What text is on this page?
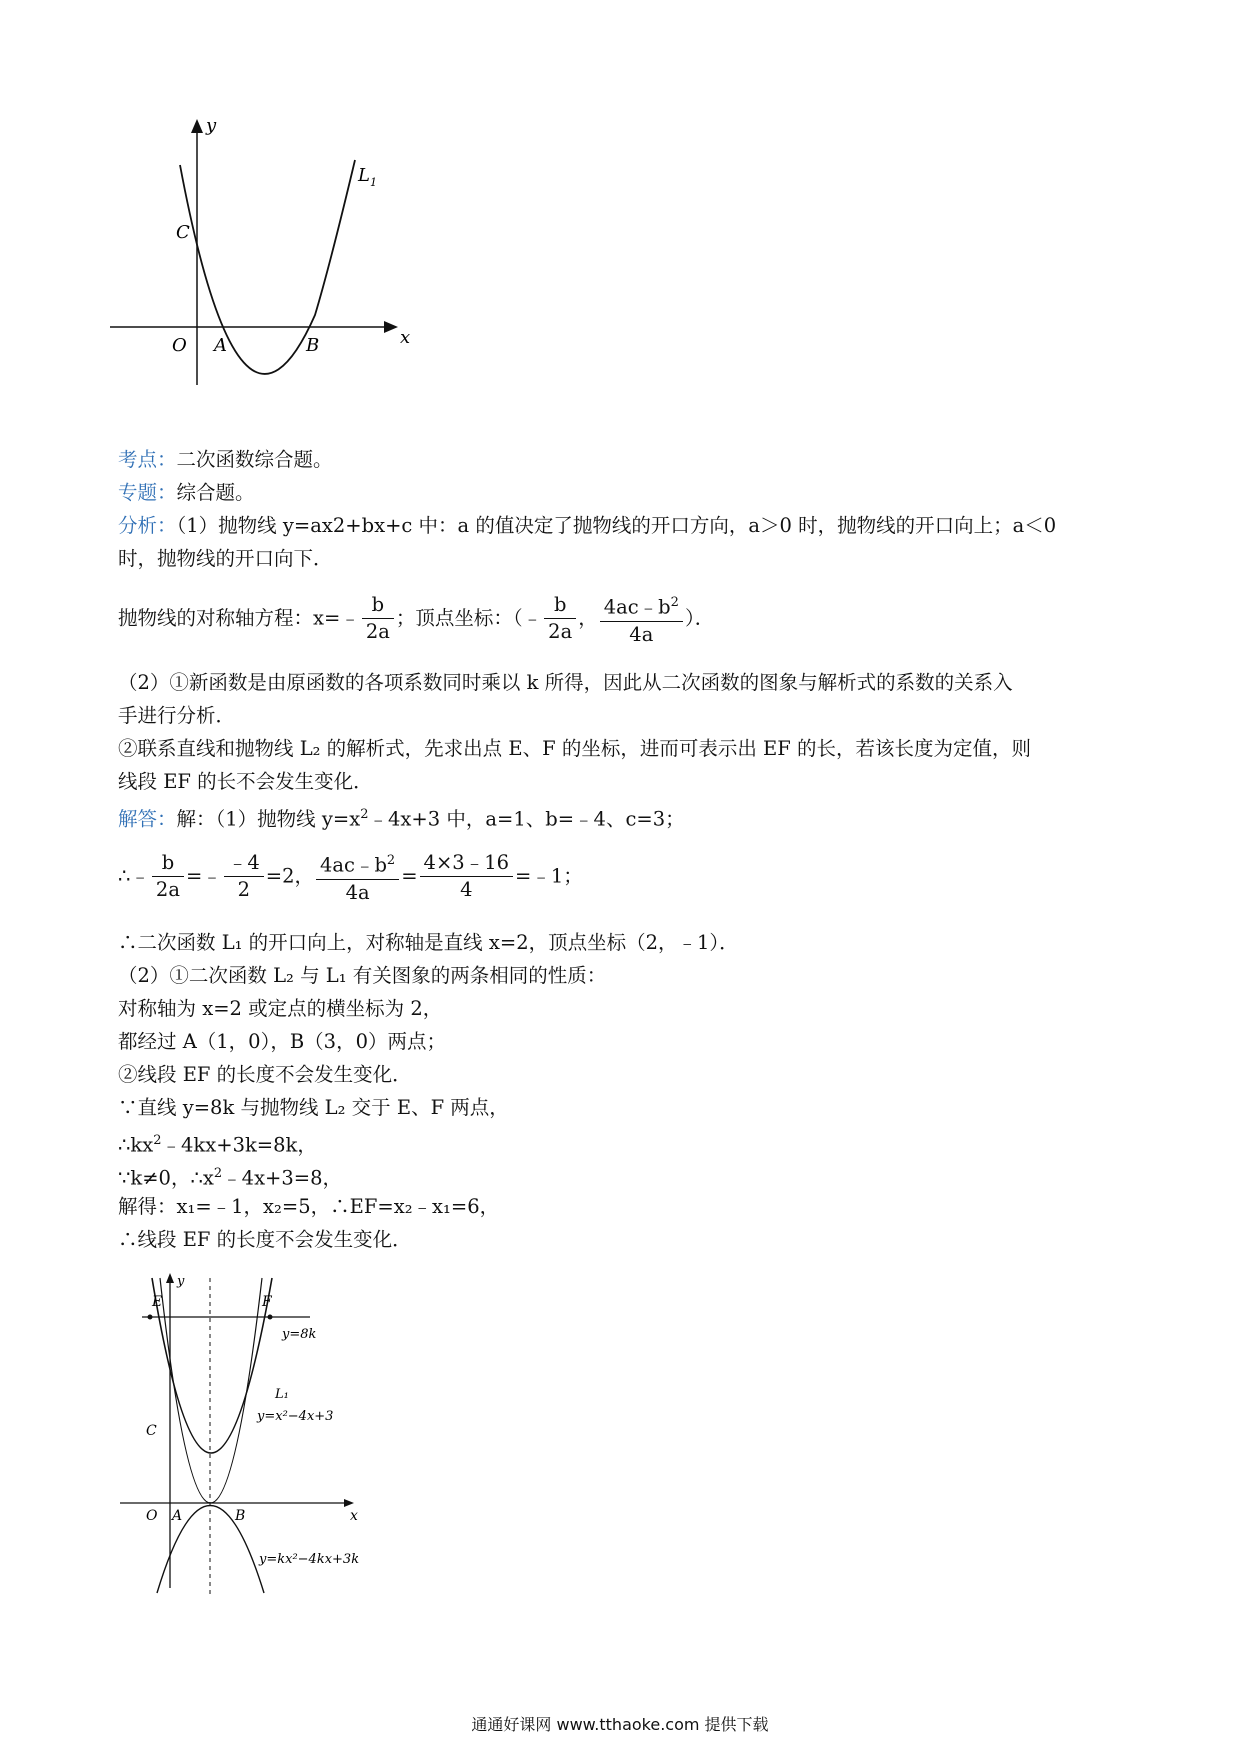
y
x
C
O A	B
L 1
考点：二次函数综合题。
专题：综合题。
分析：（1）抛物线 y=ax2+bx+c 中：a 的值决定了抛物线的开口方向，a＞0 时，抛物线的开口向上；a＜0
时，抛物线的开口向下．
抛物线的对称轴方程：x=﹣ $\frac{b}{2a}$ ；顶点坐标：（﹣ $\frac{b}{2a}$ ， $\frac{4ac﹣b^2}{4a}$ ）．
（2）①新函数是由原函数的各项系数同时乘以 k 所得，因此从二次函数的图象与解析式的系数的关系入
手进行分析．
②联系直线和抛物线 L₂ 的解析式，先求出点 E、F 的坐标，进而可表示出 EF 的长，若该长度为定值，则
线段 EF 的长不会发生变化．
解答：解：（1）抛物线 $y=x^2﹣4x+3$ 中，a=1、b=﹣4、c=3；
∴﹣ $\frac{b}{2a}$ =﹣ $\frac{﹣4}{2} =2$， $\frac{4ac﹣b^2}{4a} = \frac{4\times 3﹣16}{4}$ =﹣1；
∴二次函数 L₁ 的开口向上，对称轴是直线 x=2，顶点坐标（2，﹣1）．
（2）①二次函数 L₂ 与 L₁ 有关图象的两条相同的性质：
对称轴为 x=2 或定点的横坐标为 2，
都经过 A（1，0），B（3，0）两点；
②线段 EF 的长度不会发生变化．
∵直线 y=8k 与抛物线 L₂ 交于 E、F 两点，
$\therefore kx^2﹣4kx+3k=8k$，
∵k≠0，$\therefore x^2﹣4x+3=8$，
解得：x₁=﹣1，x₂=5，∴EF=x₂﹣x₁=6，
∴线段 EF 的长度不会发生变化．
y
x
E	F
C
O A	B
y=8k
L₁
y=x²−4x+3
y=kx²−4kx+3k
通通好课网 www.tthaoke.com 提供下载
